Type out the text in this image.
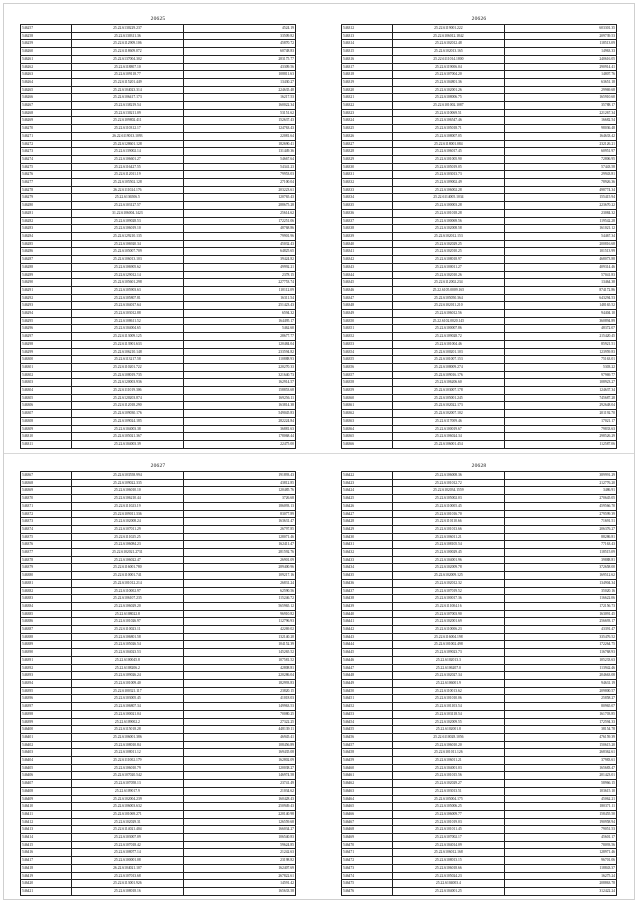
20625
546257	25.22.6130229.237	4524.19
546258	25.22.6130311.36	33509.82
546259	25.22.6112909.106	45870.72
546260	25.22.6118609.072	60748.83
546261	25.22.6137004.302	283175.77
546262	25.22.6118807.10	43309.56
546263	25.22.6109118.77	108811.63
546264	25.22.6115201.449	13430.27
546265	25.22.6104023.314	224635.48
546266	25.22.6106417.173	16217.53
546267	25.22.6138219.54	160022.34
546268	25.22.6130211.09	53151.62
546269	25.22.6109802.411	152637.43
546270	25.22.6110312.17	124763.43
546271	26.22.6119013.1093	22081.64
546272	25.22.6128601.128	182690.41
546273	25.22.6139002.14	131449.36
546274	25.22.6106601.27	54667.64
546275	25.22.6116427.55	54341.23
546276	25.22.6112011.19	79953.03
546277	25.22.6105502.128	27100.04
546278	26.22.6111024.176	203223.61
546279	25.22.6136506.5	120765.43
546280	25.22.6103127.57	288675.28
546281	31.22.6106004.1423	25614.62
546282	25.22.6109028.53	172251.06
546283	25.22.6106019.10	48768.86
546284	25.22.6129210.135	79901.96
546285	25.22.6106920.34	45032.43
546286	25.22.6105007.709	64825.65
546287	25.22.6106013.103	39424.82
546288	25.22.6106905.62	49992.21
546289	25.22.6129012.14	2378.15
546290	25.22.6105601.298	227753.74
546291	25.22.6105903.63	110112.09
546292	25.22.6105807.81	16311.54
546293	25.22.6104017.64	251423.43
546294	25.22.6103012.88	6594.32
546295	25.22.6108611.52	164495.17
546296	25.22.6104004.65	5462.60
546297	25.22.6113009.125	28677.77
546298	25.22.6113901.633	120484.04
546299	25.22.6106210.148	233594.82
546300	25.22.6113217.58	110888.93
546301	25.22.6110201.722	220270.33
546302	25.22.6108019.735	321640.73
546303	25.22.6120003.936	162914.57
546304	25.22.6111019.306	158853.68
546305	25.22.6120203.874	169256.11
546306	25.22.6112018.290	163814.38
546307	25.22.6109030.176	549045.83
546308	25.22.6109024.185	282224.84
546309	25.22.6104003.38	36881.63
546310	25.22.6105021.367	178068.44
546311	25.22.6104003.39	22475.00
20626
546312	25.22.6119001.222	603301.35
546313	25.22.6106012.1842	209739.53
546314	25.22.6102012.48	118513.09
546315	25.22.6102013.165	14963.33
546316	25.22.6111014.1800	240616.05
546317	25.22.6119006.04	290914.41
546318	25.22.6107004.20	14807.76
546319	25.22.6104801.36	63651.18
546320	25.22.6102001.26	29969.68
546321	25.22.6108006.75	165910.60
546322	25.22.6101002.1087	35788.17
546323	25.22.6110069.51	221267.34
546324	25.22.6106547.46	16682.54
546325	25.22.6105018.71	98036.48
546326	25.22.6108007.05	164633.42
546327	25.22.6118001.084	232126.21
546328	25.22.6106017.45	60951.97
546329	25.22.6101005.90	72806.95
546330	25.22.6105019.05	57443.58
546331	25.22.6103013.73	29943.81
546332	25.22.6109002.49	78926.36
546333	25.22.6106002.28	498774.34
546334	25.22.6114005.1034	155415.94
546335	25.22.6100003.28	223670.22
546336	25.22.6101018.28	23084.32
546337	25.22.6100069.56	119542.28
546338	25.22.6102008.58	161021.12
546339	25.22.6102012.153	54467.34
546340	25.22.6102029.25	200816.68
546341	25.22.6102010.25	101513.99
546342	25.22.6108018.97	468073.88
546343	25.22.6100011.27	409314.46
546344	25.22.6102010.26	57041.83
546345	25.22.6112002.234	13464.38
546346	25.22.6105.0009.165	874172.86
546347	25.22.6105050.364	643294.53
546348	25.22.6102011.210	148165.52
546349	25.22.6106012.56	94404.10
546350	25.22.6102.0020.145	360894.89
546351	25.22.6100007.86	48372.07
546352	25.22.6109028.72	215420.45
546353	25.22.6101004.46	85921.51
546354	25.22.6100201.103	123959.83
546355	25.22.6101007.153	75163.01
546356	25.22.6108009.274	5303.22
546357	25.22.6109016.176	97969.77
546358	25.22.6106206.60	108923.27
546359	25.22.6103007.178	124637.34
546360	25.22.6105001.245	745687.28
546361	25.22.6102022.173	292648.04
546362	25.22.6102007.102	201192.70
546363	25.22.6117009.46	17021.17
546364	25.22.6100019.67	79833.63
546365	25.22.6106024.34	298526.29
546366	25.22.6106001.454	112587.06
20627
546367	25.22.6103558.994	191893.43
546368	25.22.6109022.335	43812.85
546369	25.22.6106010.10	120485.76
546370	25.22.6106210.44	3726.68
546371	25.22.6111023.19	186093.13
546372	25.22.6109011.336	83077.89
546373	25.22.6102008.24	163631.47
546374	25.22.6107011.29	26797.85
546375	25.22.6111025.25	128071.46
546376	25.22.6106084.23	162411.47
546377	25.22.6102021.2731	281592.76
546378	25.22.6106022.47	26901.09
546379	25.22.6116001.780	289400.96
546380	25.22.6110001.741	109217.16
546381	25.22.6101012.214	26831.24
546382	25.22.6110002.97	62590.56
546383	25.22.6106107.235	115246.72
546384	25.22.6106029.20	565965.12
546385	25.22.6108022.8	96910.82
546386	25.22.6101026.97	112796.93
546387	25.22.6110023.11	42269.02
546388	25.22.6106801.58	132140.28
546389	25.22.6105026.54	104152.39
546390	25.22.6104023.53	145265.52
546391	25.22.6100045.8	107581.52
546392	25.22.6108206.2	42808.81
546393	25.22.6109026.24	220286.04
546394	25.22.6101009.40	182993.83
546395	25.22.6100321.117	23820.15
546396	25.22.6103005.45	41018.03
546397	25.22.6106807.34	149963.53
546398	25.22.6100021.04	70080.25
546399	25.22.6109002.2	27322.25
546400	25.22.6115018.28	448139.11
546401	25.22.6106001.386	46945.41
546402	25.22.6108010.84	108456.89
546403	25.22.6108011.12	169435.08
546404	25.22.6111002.179	162802.09
546405	25.22.6106010.79	120038.27
546406	25.22.6107020.542	146974.58
546407	25.22.6107058.13	23741.49
546408	25.22.6109017.9	21034.62
546409	25.22.6102004.239	160428.43
546410	25.22.6106003.632	250949.43
546411	25.22.6101069.271	220140.98
546412	25.22.6102029.31	126559.68
546413	25.22.6114021.404	166034.27
546414	25.22.6103007.09	106540.83
546415	25.22.6107018.42	59624.85
546416	25.22.6108077.14	21242.63
546417	25.22.6100001.08	23198.82
546418	26.22.6104021.107	162407.69
546419	25.22.6107013.68	267822.61
546420	25.22.6113001.926	14591.42
546421	25.22.6108018.16	165633.58
20628
546422	25.22.6106008.36	389991.29
546423	25.22.6101012.72	212776.20
546424	25.22.6102034.1559	3486.91
546425	25.22.6105002.03	270645.05
546426	25.22.6110005.45	459566.70
546427	25.22.6101016.70	279599.39
546428	25.22.6110110.66	71691.51
546429	25.22.6101013.66	206376.27
546430	25.22.6106011.21	88286.81
546431	25.22.6108105.54	77163.43
546432	25.22.6100029.45	118515.09
546433	25.22.6104001.96	39888.81
546434	25.22.6102009.78	372658.00
546435	25.22.6102009.125	169512.62
546436	25.22.6102012.32	134904.34
546437	25.22.6107019.52	35020.16
546438	25.22.6100017.36	116622.06
546439	25.22.6111004.16	172156.73
546440	25.22.6107003.90	163091.45
546441	25.22.6102001.69	256693.17
546442	25.22.6110006.23	43391.47
546443	25.22.6116004.198	335476.52
546444	25.22.6101002.498	172264.75
546445	25.22.6109023.73	116768.93
546446	25.22.6102013.3	105233.63
546447	25.22.6106207.0	113942.46
546448	25.22.6102027.34	204663.08
546449	25.22.6106001.9	94631.19
546450	25.22.6110013.62	209800.57
546451	25.22.6101010.06	25858.27
546452	25.22.6101103.54	80965.07
546453	25.22.6103118.54	161703.85
546454	25.22.6102009.55	172594.33
546455	25.22.6102001.8	38154.78
546456	25.22.6110028.1056	476159.39
546457	25.22.6106010.20	150615.20
546458	25.22.6101011.126	268362.61
546459	25.22.6106011.21	37983.61
546460	25.22.6104001.03	165683.47
546461	25.22.6101015.56	201423.01
546462	25.22.6102029.27	58966.15
546463	25.22.6103013.51	103615.10
546464	25.22.6105004.175	45062.21
546465	25.22.6105006.25	180371.11
546466	25.22.6106009.77	158455.50
546467	25.22.6101019.03	190958.94
546468	25.22.6101011.45	79051.53
546469	25.22.6107002.17	45601.17
546470	25.22.6104014.09	78093.56
546471	25.22.6106012.168	128971.46
546472	25.22.6108013.15	96701.06
546473	25.22.6106018.66	118843.37
546474	25.22.6105024.23	16275.24
546475	25.22.6104003.4	208863.78
546476	25.22.6104001.25	312422.24
